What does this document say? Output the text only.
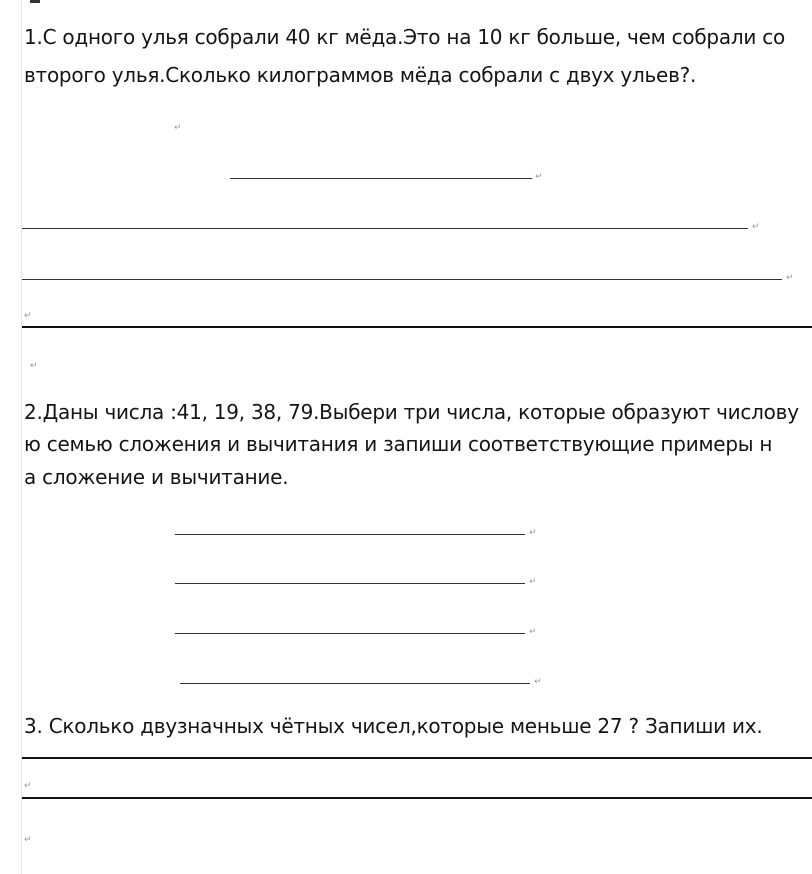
1.С одного улья собрали 40 кг мёда.Это на 10 кг больше, чем собрали со
второго улья.Сколько килограммов мёда собрали с двух ульев?.
↵
↵
↵
↵
↵
↵
2.Даны числа :41, 19, 38, 79.Выбери три числа, которые образуют числову
ю семью сложения и вычитания и запиши соответствующие примеры н
а сложение и вычитание.
↵
↵
↵
↵
3. Сколько двузначных чётных чисел,которые меньше 27 ? Запиши их.
↵
↵
